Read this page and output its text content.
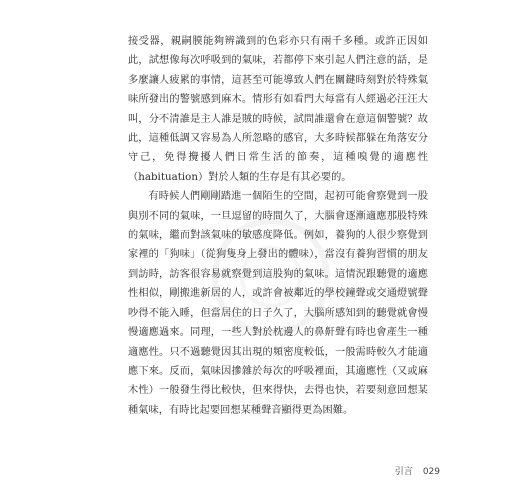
接受器，親嗣膜能夠辨識到的色彩亦只有兩千多種。或許正因如此，試想像每次呼吸到的氣味，若都停下來引起人們注意的話，是多麼讓人疲累的事情，這甚至可能導致人們在關鍵時刻對於特殊氣味所發出的警號感到麻木。情形有如看門大每當有人經過必汪汪大叫，分不清誰是主人誰是賊的時候，試問誰還會在意這個警號？故此，這種低調又容易為人所忽略的感官，大多時候都躲在角落安分守己，免得攪擾人們日常生活的節奏，這種嗅覺的適應性（habituation）對於人類的生存是有其必要的。

有時候人們剛剛踏進一個陌生的空間，起初可能會察覺到一股與別不同的氣味，一旦逗留的時間久了，大腦會逐漸適應那股特殊的氣味，繼而對該氣味的敏感度降低。例如，養狗的人很少察覺到家裡的「狗味」（從狗隻身上發出的體味），當沒有養狗習慣的朋友到訪時，訪客很容易就察覺到這股狗的氣味。這情況跟聽覺的適應性相似，剛搬進新居的人，或許會被鄰近的學校鐘聲或交通燈號聲吵得不能入睡，但當居住的日子久了，大腦所感知到的聽覺就會慢慢適應過來。同理，一些人對於枕邊人的鼻鼾聲有時也會產生一種適應性。只不過聽覺因其出現的頻密度較低，一般需時較久才能適應下來。反而，氣味因摻雜於每次的呼吸裡面，其適應性（又或麻木性）一般發生得比較快，但來得快，去得也快，若要刻意回想某種氣味，有時比起要回想某種聲音顯得更為困難。

引言 029
